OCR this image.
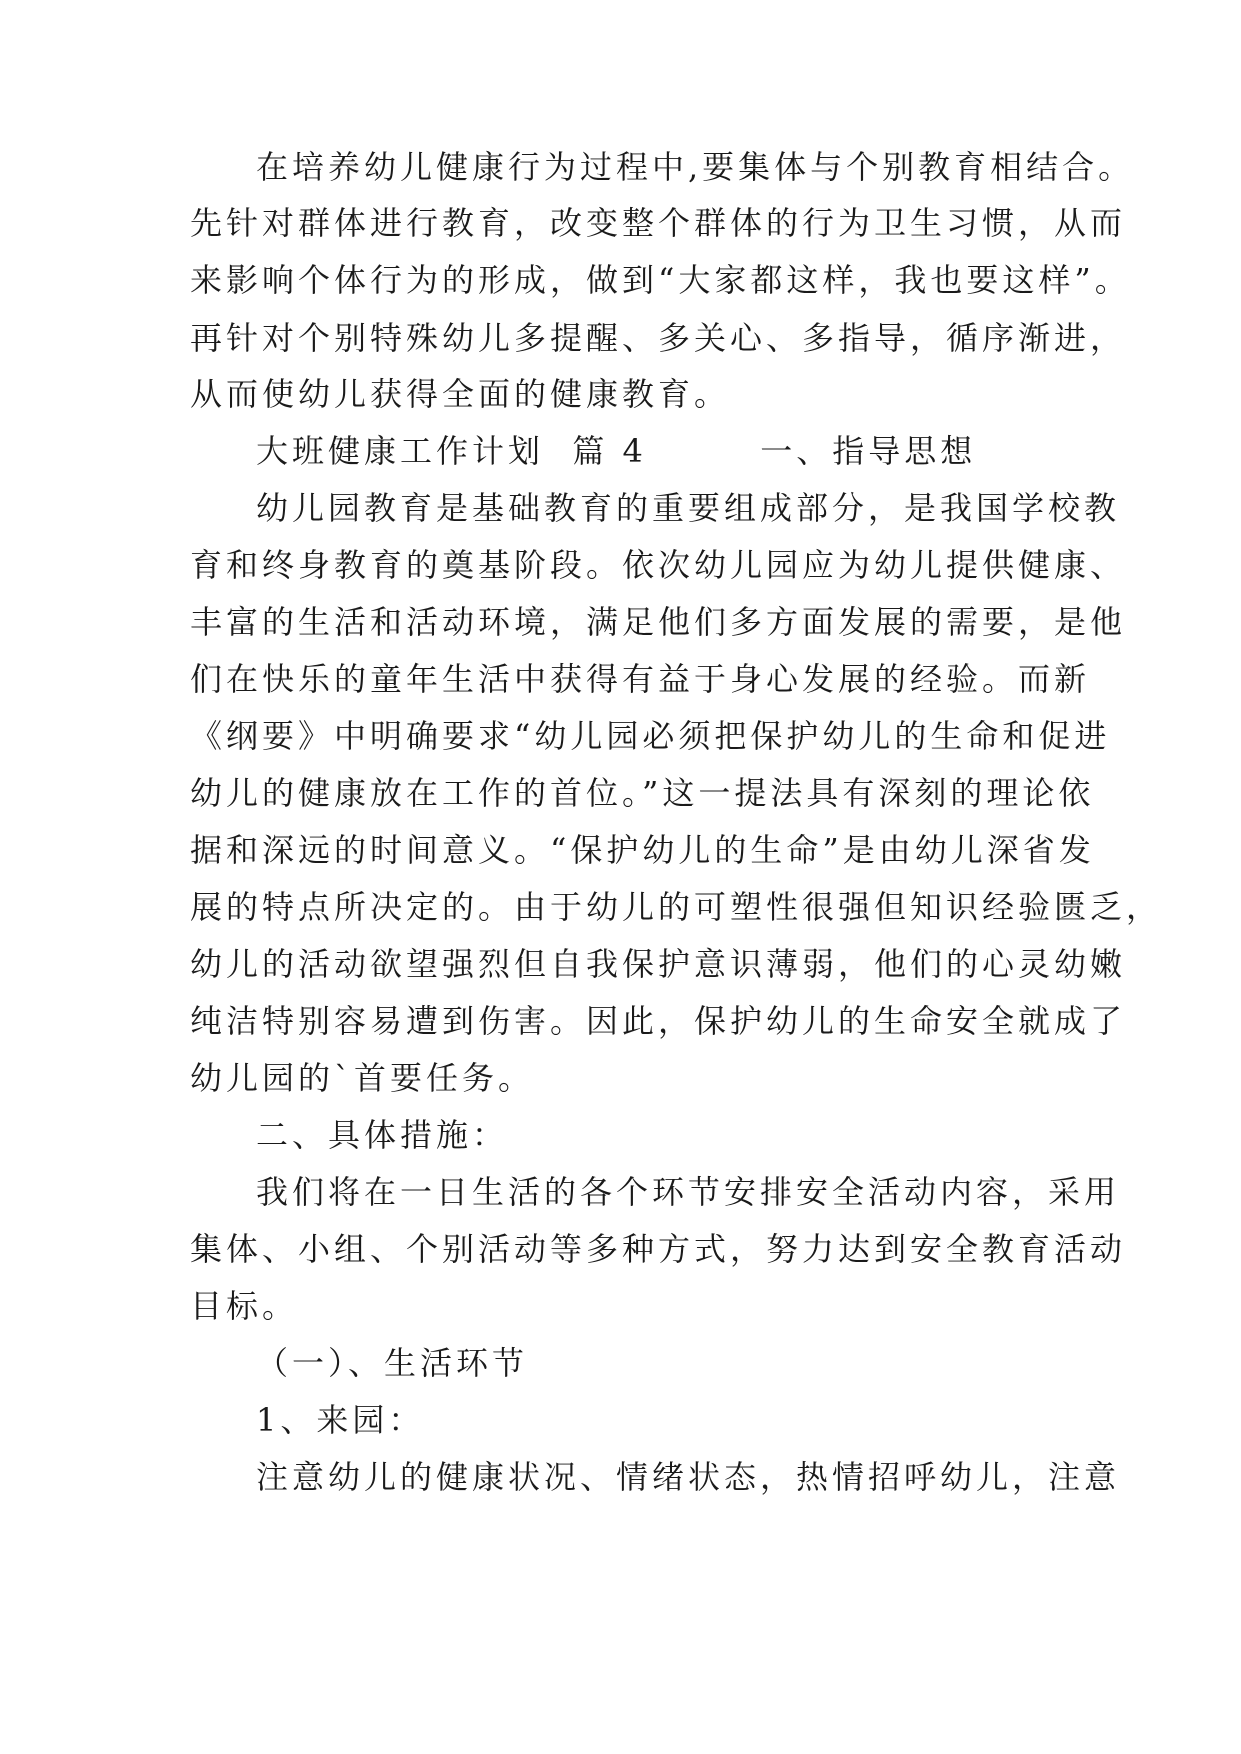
在培养幼儿健康行为过程中,要集体与个别教育相结合。
先针对群体进行教育，改变整个群体的行为卫生习惯，从而
来影响个体行为的形成，做到“大家都这样，我也要这样”。
再针对个别特殊幼儿多提醒、多关心、多指导，循序渐进，
从而使幼儿获得全面的健康教育。
大班健康工作计划  篇 4        一、指导思想
幼儿园教育是基础教育的重要组成部分，是我国学校教
育和终身教育的奠基阶段。依次幼儿园应为幼儿提供健康、
丰富的生活和活动环境，满足他们多方面发展的需要，是他
们在快乐的童年生活中获得有益于身心发展的经验。而新
《纲要》中明确要求“幼儿园必须把保护幼儿的生命和促进
幼儿的健康放在工作的首位。”这一提法具有深刻的理论依
据和深远的时间意义。“保护幼儿的生命”是由幼儿深省发
展的特点所决定的。由于幼儿的可塑性很强但知识经验匮乏，
幼儿的活动欲望强烈但自我保护意识薄弱，他们的心灵幼嫩
纯洁特别容易遭到伤害。因此，保护幼儿的生命安全就成了
幼儿园的`首要任务。
二、具体措施：
我们将在一日生活的各个环节安排安全活动内容，采用
集体、小组、个别活动等多种方式，努力达到安全教育活动
目标。
（一）、生活环节
1、来园：
注意幼儿的健康状况、情绪状态，热情招呼幼儿，注意
